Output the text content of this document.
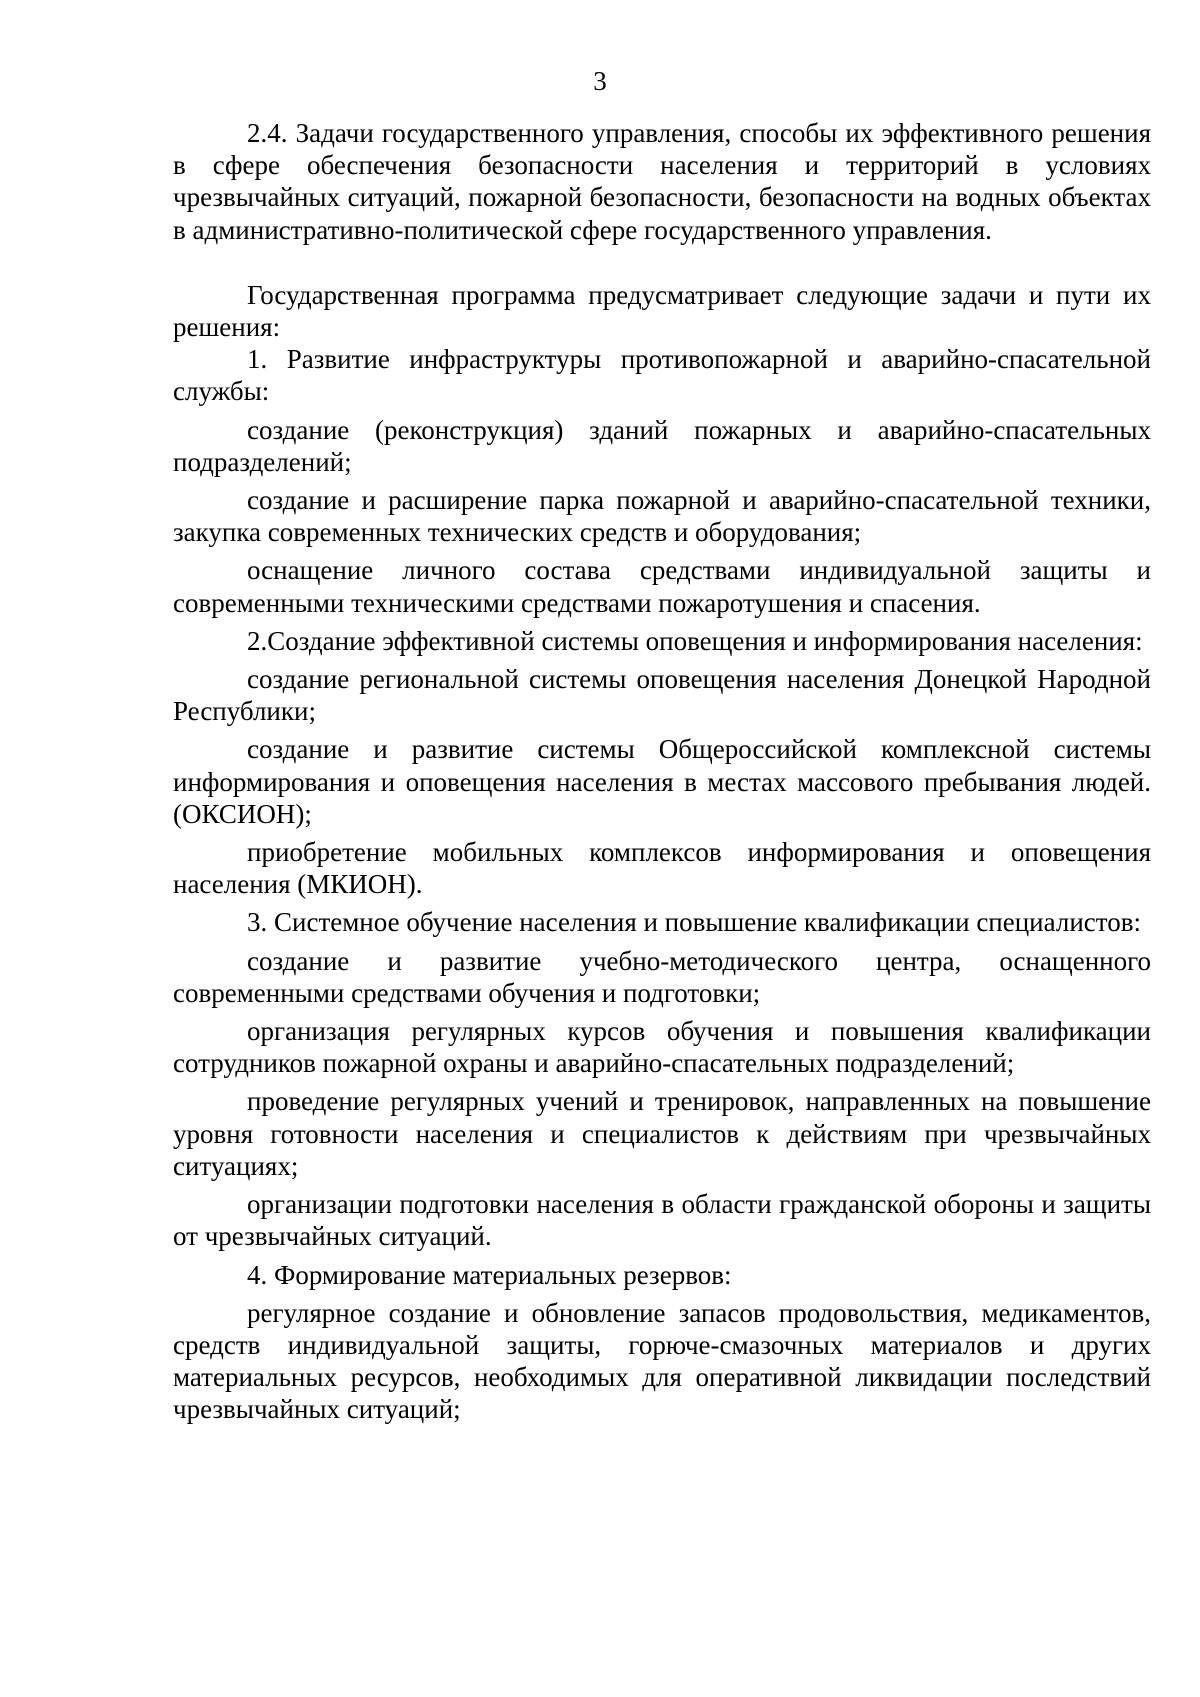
3

2.4. Задачи государственного управления, способы их эффективного решения в сфере обеспечения безопасности населения и территорий в условиях чрезвычайных ситуаций, пожарной безопасности, безопасности на водных объектах в административно-политической сфере государственного управления.

Государственная программа предусматривает следующие задачи и пути их решения:

1. Развитие инфраструктуры противопожарной и аварийно-спасательной службы:

создание (реконструкция) зданий пожарных и аварийно-спасательных подразделений;

создание и расширение парка пожарной и аварийно-спасательной техники, закупка современных технических средств и оборудования;

оснащение личного состава средствами индивидуальной защиты и современными техническими средствами пожаротушения и спасения.

2.Создание эффективной системы оповещения и информирования населения:

создание региональной системы оповещения населения Донецкой Народной Республики;

создание и развитие системы Общероссийской комплексной системы информирования и оповещения населения в местах массового пребывания людей. (ОКСИОН);

приобретение мобильных комплексов информирования и оповещения населения (МКИОН).

3. Системное обучение населения и повышение квалификации специалистов:

создание и развитие учебно-методического центра, оснащенного современными средствами обучения и подготовки;

организация регулярных курсов обучения и повышения квалификации сотрудников пожарной охраны и аварийно-спасательных подразделений;

проведение регулярных учений и тренировок, направленных на повышение уровня готовности населения и специалистов к действиям при чрезвычайных ситуациях;

организации подготовки населения в области гражданской обороны и защиты от чрезвычайных ситуаций.

4. Формирование материальных резервов:

регулярное создание и обновление запасов продовольствия, медикаментов, средств индивидуальной защиты, горюче-смазочных материалов и других материальных ресурсов, необходимых для оперативной ликвидации последствий чрезвычайных ситуаций;
